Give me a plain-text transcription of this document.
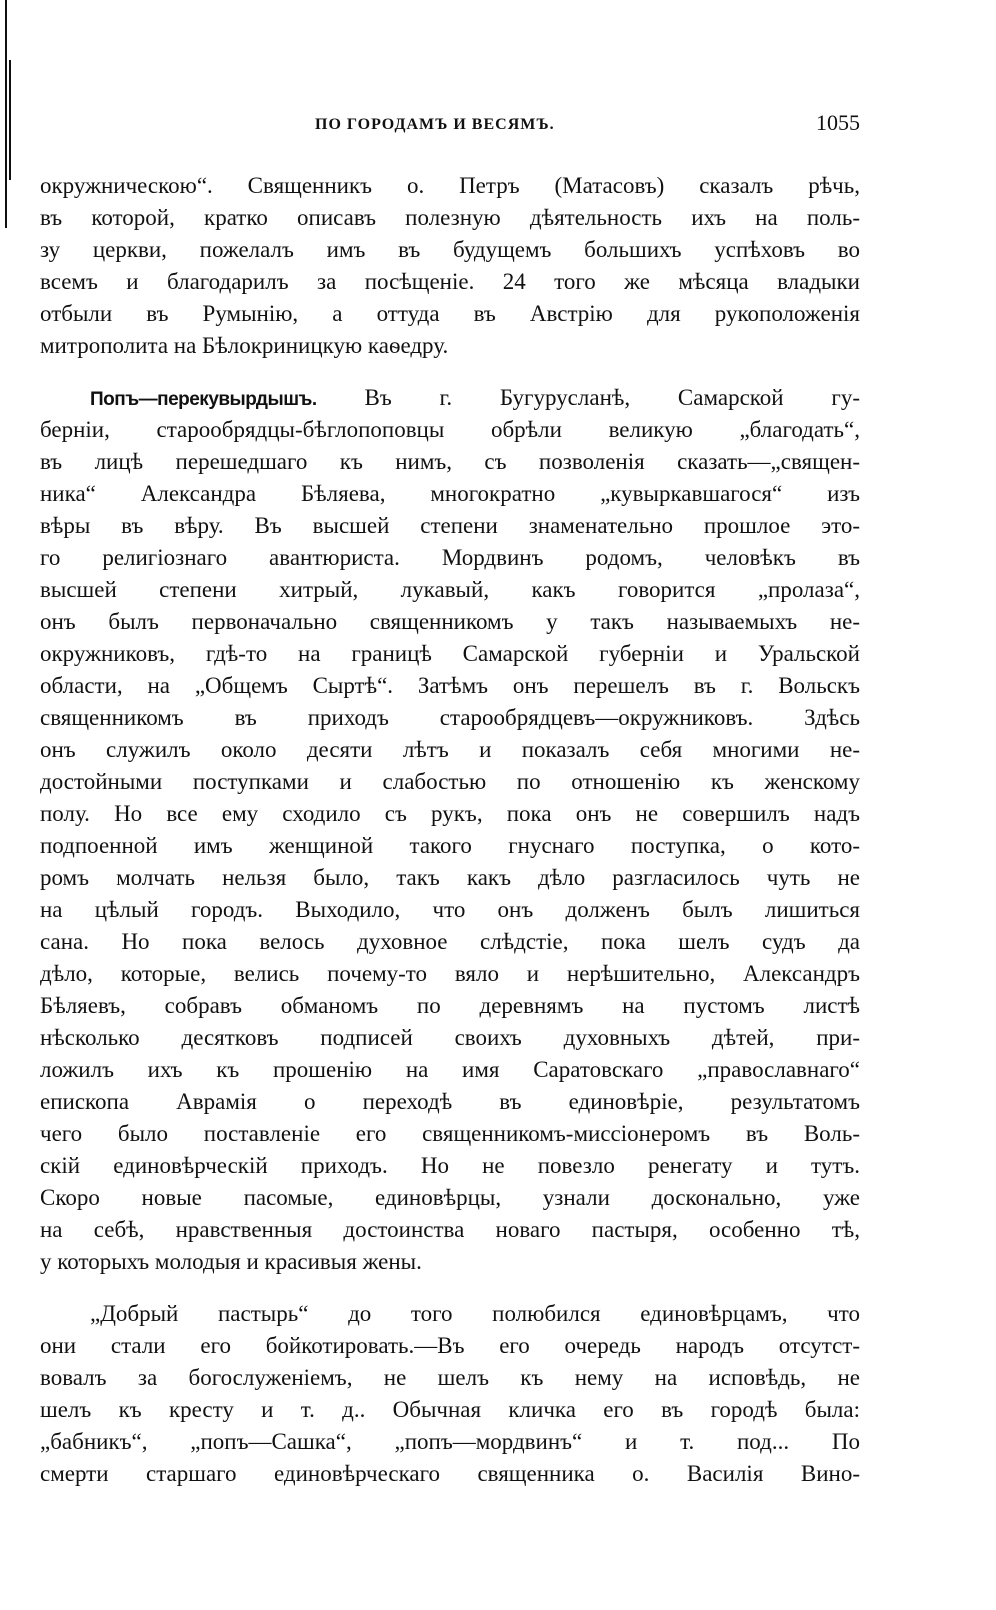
ПО ГОРОДАМЪ И ВЕСЯМЪ.	1055
окружническою“. Священникъ о. Петръ (Матасовъ) сказалъ рѣчь,
въ которой, кратко описавъ полезную дѣятельность ихъ на поль-
зу церкви, пожелалъ имъ въ будущемъ большихъ успѣховъ во
всемъ и благодарилъ за посѣщеніе. 24 того же мѣсяца владыки
отбыли въ Румынію, а оттуда въ Австрію для рукоположенія
митрополита на Бѣлокриницкую каѳедру.
Попъ—перекувырдышъ. Въ г. Бугурусланѣ, Самарской гу-
берніи, старообрядцы-бѣглопоповцы обрѣли великую „благодать“,
въ лицѣ перешедшаго къ нимъ, съ позволенія сказать—„священ-
ника“ Александра Бѣляева, многократно „кувыркавшагося“ изъ
вѣры въ вѣру. Въ высшей степени знаменательно прошлое это-
го религіознаго авантюриста. Мордвинъ родомъ, человѣкъ въ
высшей степени хитрый, лукавый, какъ говорится „пролаза“,
онъ былъ первоначально священникомъ у такъ называемыхъ не-
окружниковъ, гдѣ-то на границѣ Самарской губерніи и Уральской
области, на „Общемъ Сыртѣ“. Затѣмъ онъ перешелъ въ г. Вольскъ
священникомъ въ приходъ старообрядцевъ—окружниковъ. Здѣсь
онъ служилъ около десяти лѣтъ и показалъ себя многими не-
достойными поступками и слабостью по отношенію къ женскому
полу. Но все ему сходило съ рукъ, пока онъ не совершилъ надъ
подпоенной имъ женщиной такого гнуснаго поступка, о кото-
ромъ молчать нельзя было, такъ какъ дѣло разгласилось чуть не
на цѣлый городъ. Выходило, что онъ долженъ былъ лишиться
сана. Но пока велось духовное слѣдстіе, пока шелъ судъ да
дѣло, которые, велись почему-то вяло и нерѣшительно, Александръ
Бѣляевъ, собравъ обманомъ по деревнямъ на пустомъ листѣ
нѣсколько десятковъ подписей своихъ духовныхъ дѣтей, при-
ложилъ ихъ къ прошенію на имя Саратовскаго „православнаго“
епископа Аврамія о переходѣ въ единовѣріе, результатомъ
чего было поставленіе его священникомъ-миссіонеромъ въ Воль-
скій единовѣрческій приходъ. Но не повезло ренегату и тутъ.
Скоро новые пасомые, единовѣрцы, узнали досконально, уже
на себѣ, нравственныя достоинства новаго пастыря, особенно тѣ,
у которыхъ молодыя и красивыя жены.
„Добрый пастырь“ до того полюбился единовѣрцамъ, что
они стали его бойкотировать.—Въ его очередь народъ отсутст-
вовалъ за богослуженіемъ, не шелъ къ нему на исповѣдь, не
шелъ къ кресту и т. д.. Обычная кличка его въ городѣ была:
„бабникъ“, „попъ—Сашка“, „попъ—мордвинъ“ и т. под... По
смерти старшаго единовѣрческаго священника о. Василія Вино-
